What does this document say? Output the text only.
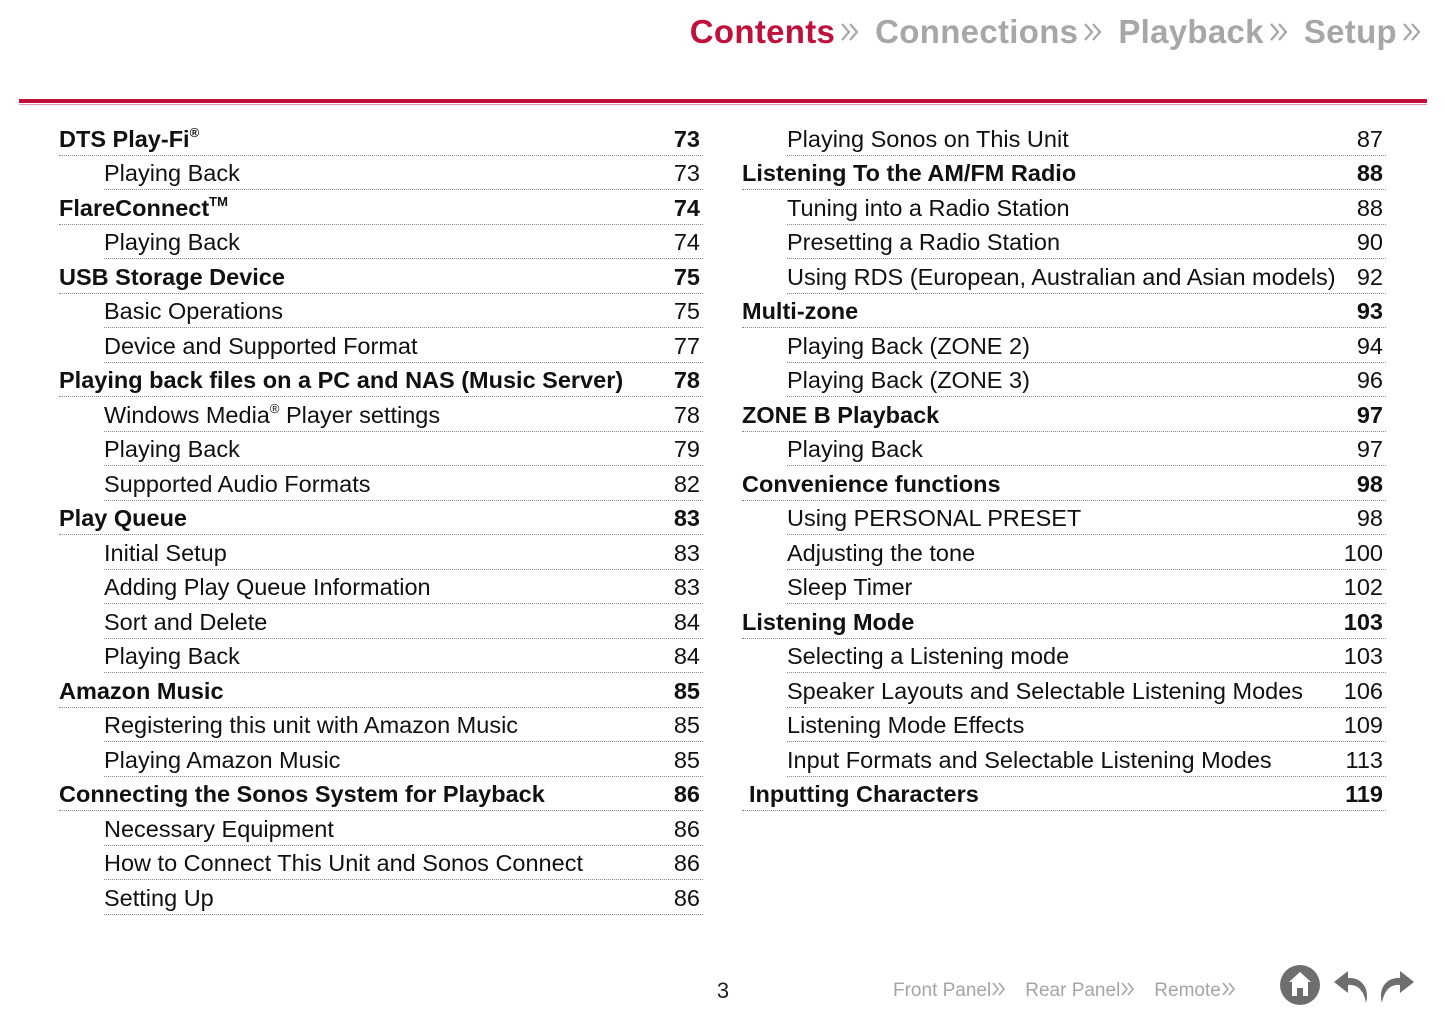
Contents Connections Playback Setup
DTS Play-Fi®	73
Playing Back	73
FlareConnect™	74
Playing Back	74
USB Storage Device	75
Basic Operations	75
Device and Supported Format	77
Playing back files on a PC and NAS (Music Server)	78
Windows Media® Player settings	78
Playing Back	79
Supported Audio Formats	82
Play Queue	83
Initial Setup	83
Adding Play Queue Information	83
Sort and Delete	84
Playing Back	84
Amazon Music	85
Registering this unit with Amazon Music	85
Playing Amazon Music	85
Connecting the Sonos System for Playback	86
Necessary Equipment	86
How to Connect This Unit and Sonos Connect	86
Setting Up	86
Playing Sonos on This Unit	87
Listening To the AM/FM Radio	88
Tuning into a Radio Station	88
Presetting a Radio Station	90
Using RDS (European, Australian and Asian models) 92
Multi-zone	93
Playing Back (ZONE 2)	94
Playing Back (ZONE 3)	96
ZONE B Playback	97
Playing Back	97
Convenience functions	98
Using PERSONAL PRESET	98
Adjusting the tone	100
Sleep Timer	102
Listening Mode	103
Selecting a Listening mode	103
Speaker Layouts and Selectable Listening Modes	106
Listening Mode Effects	109
Input Formats and Selectable Listening Modes	113
Inputting Characters	119
3	Front Panel Rear Panel Remote
